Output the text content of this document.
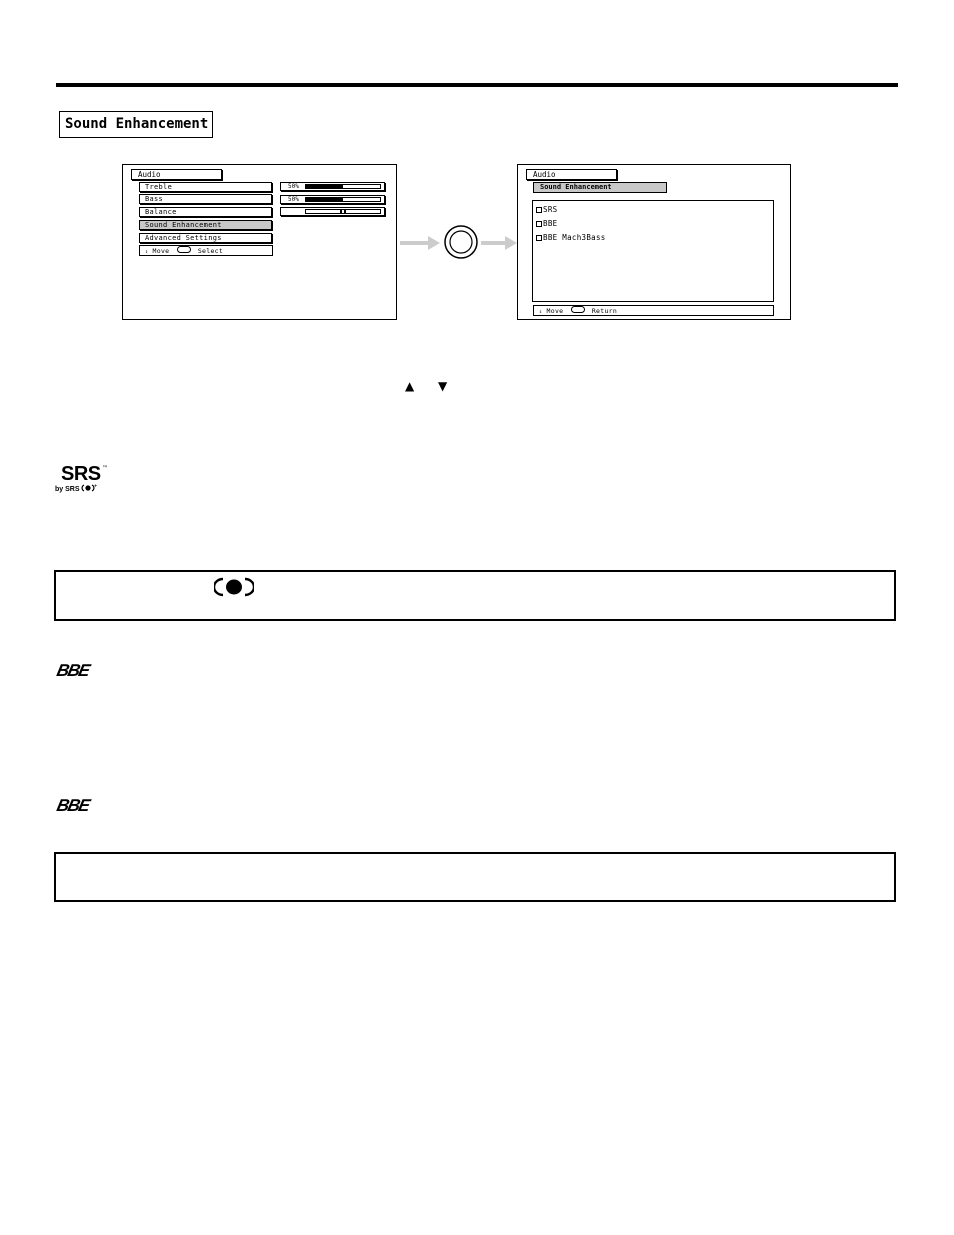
Sound Enhancement
Audio
Treble
Bass
Balance
Sound Enhancement
Advanced Settings
⇕ Move	Select
50%
50%
Audio
Sound Enhancement
SRS
BBE
BBE Mach3Bass
⇕ Move	Return
▲ ▼
SRS ™
by SRS
+
BBE
BBE
